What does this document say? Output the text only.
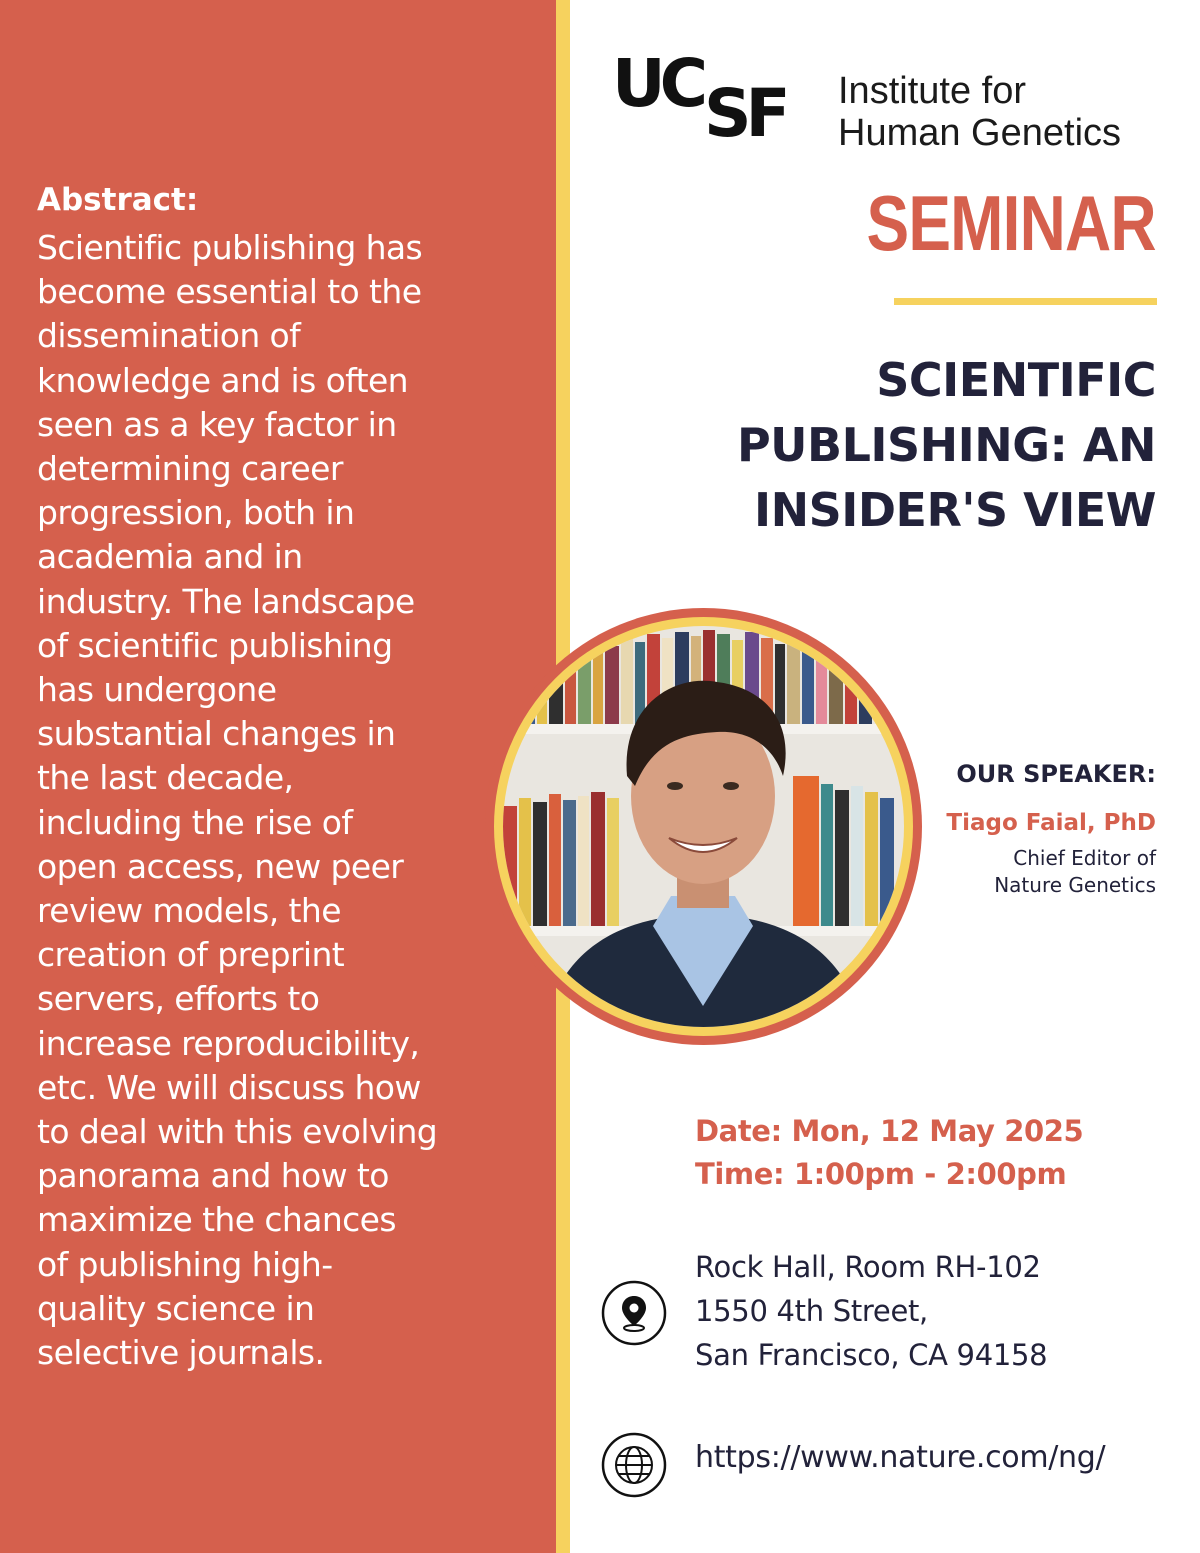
Abstract:

Scientific publishing has
become essential to the
dissemination of
knowledge and is often
seen as a key factor in
determining career
progression, both in
academia and in
industry. The landscape
of scientific publishing
has undergone
substantial changes in
the last decade,
including the rise of
open access, new peer
review models, the
creation of preprint
servers, efforts to
increase reproducibility,
etc. We will discuss how
to deal with this evolving
panorama and how to
maximize the chances
of publishing high-
quality science in
selective journals.

UC SF Institute for
Human Genetics
SEMINAR
SCIENTIFIC
PUBLISHING: AN
INSIDER'S VIEW
OUR SPEAKER:

Tiago Faial, PhD

Chief Editor of
Nature Genetics

Date: Mon, 12 May 2025
Time: 1:00pm - 2:00pm
Rock Hall, Room RH-102
1550 4th Street,
San Francisco, CA 94158

https://www.nature.com/ng/
